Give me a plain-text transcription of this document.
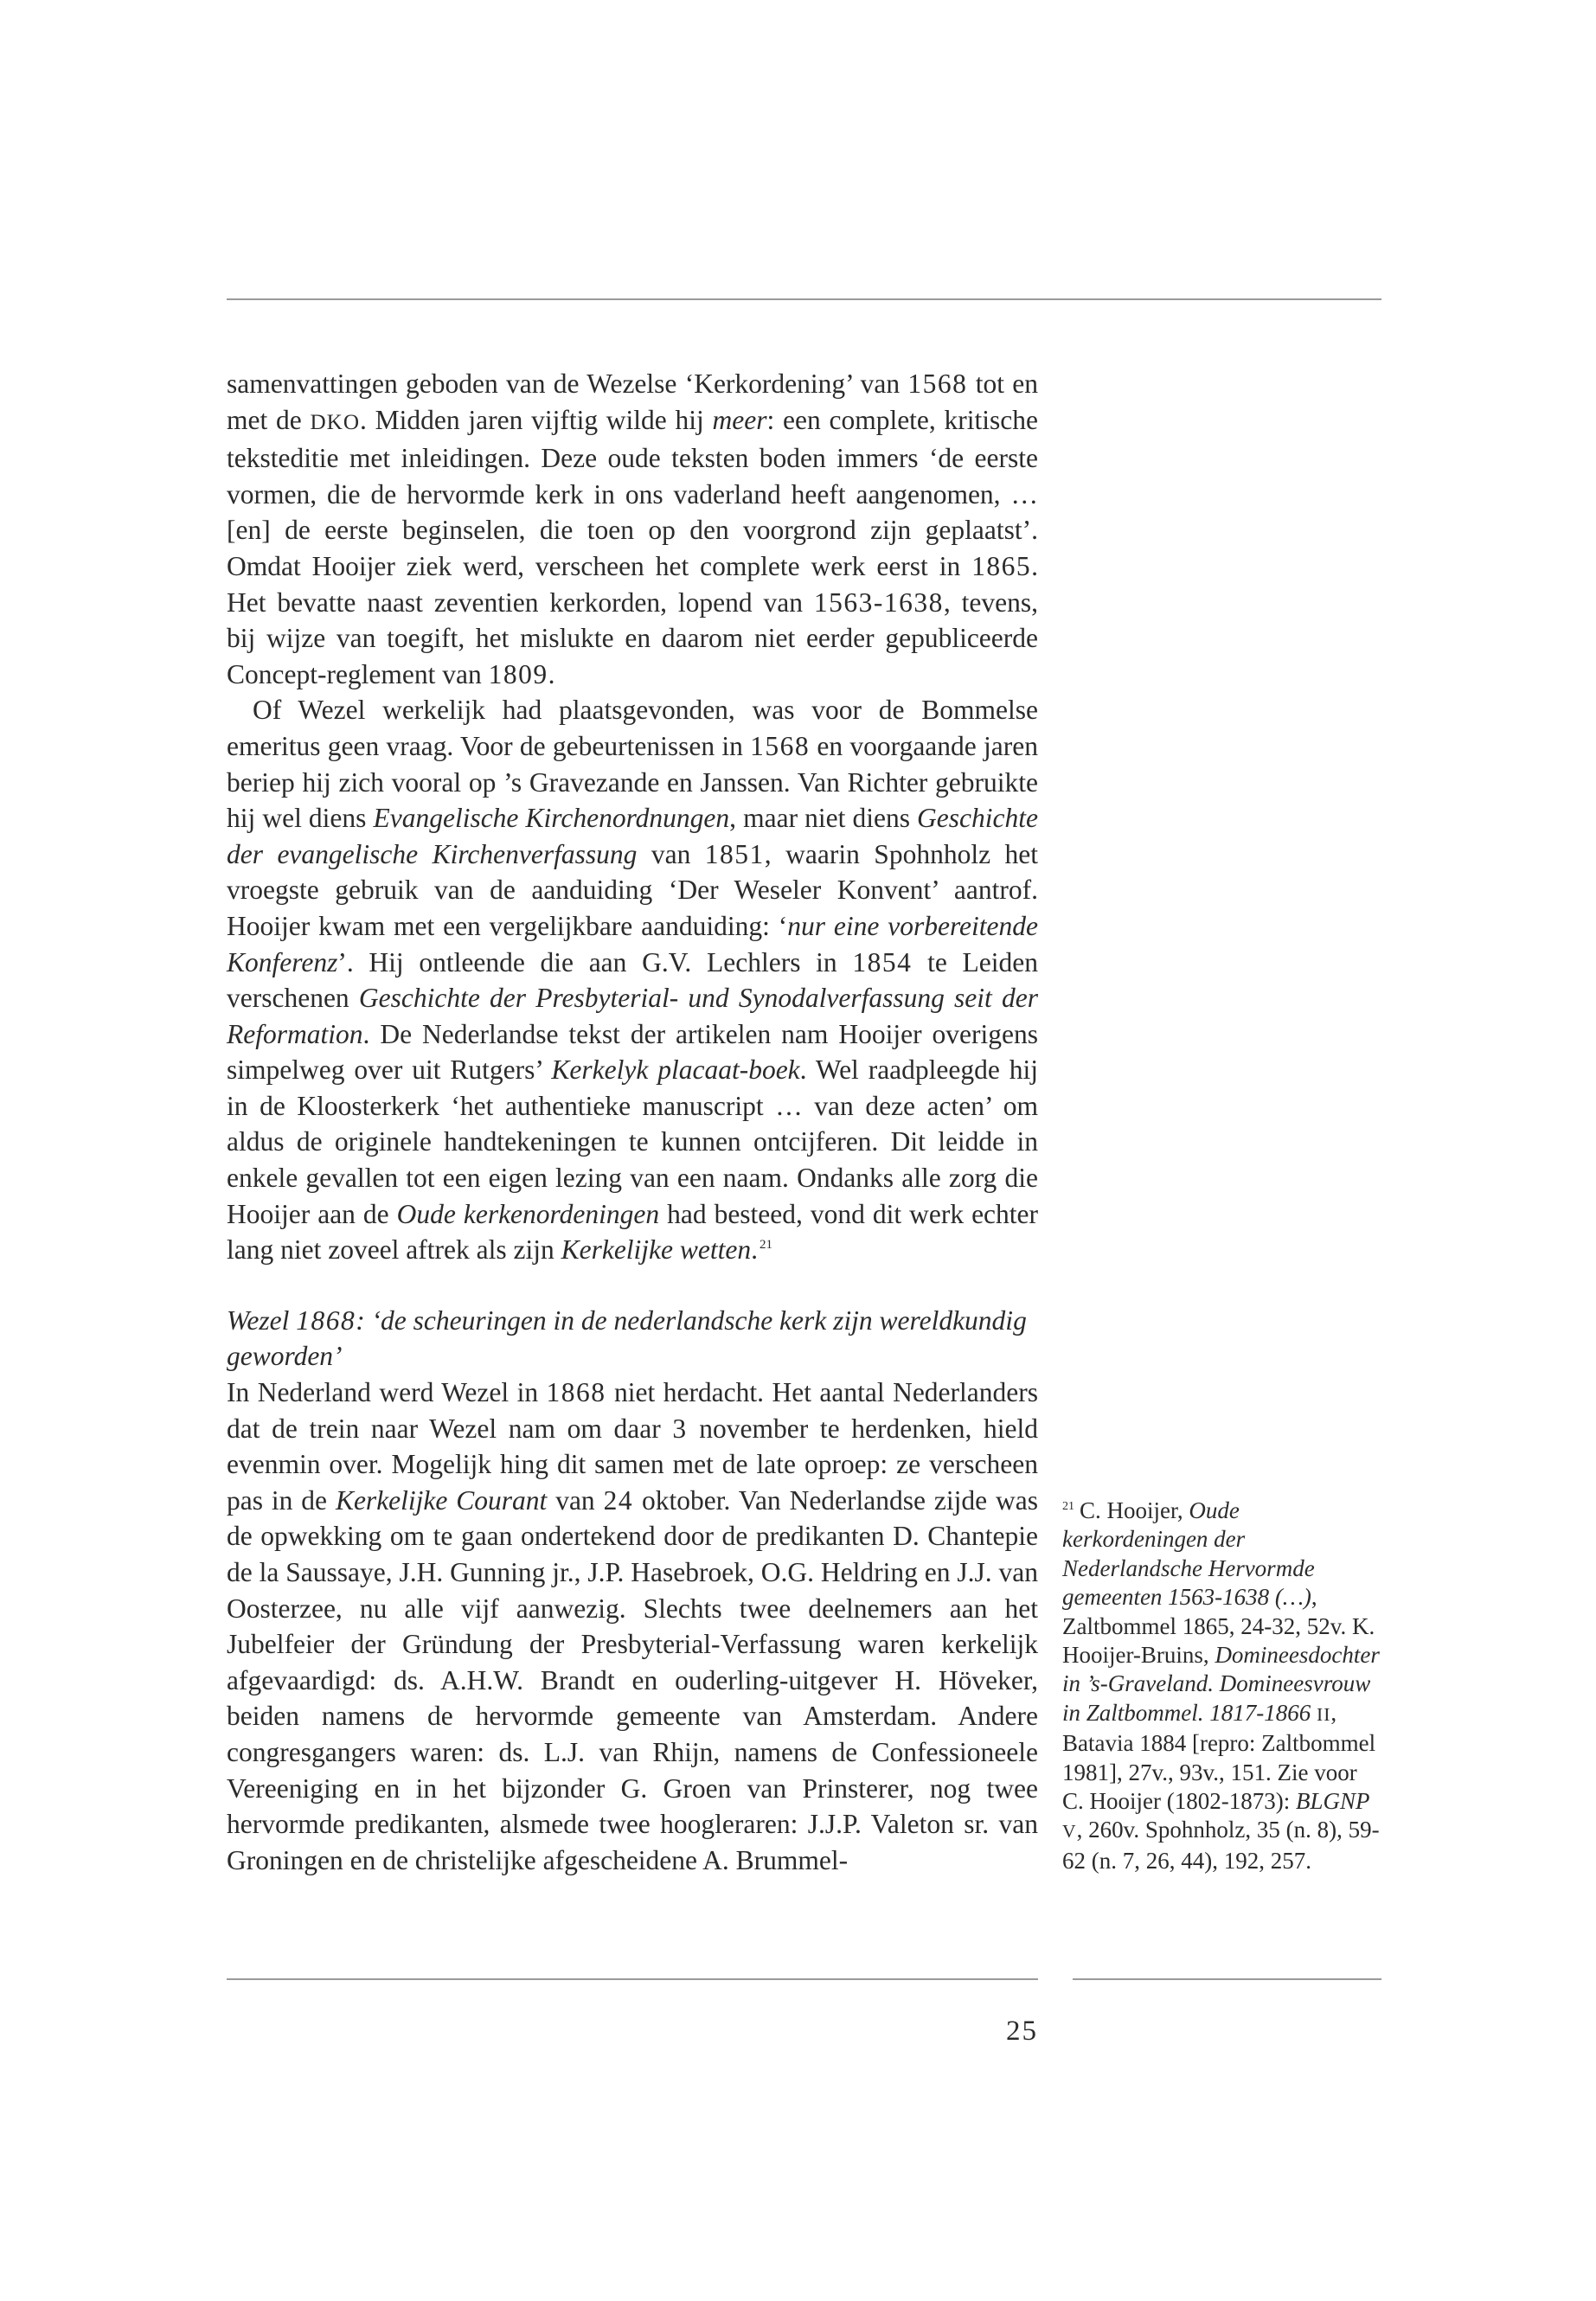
samenvattingen geboden van de Wezelse ‘Kerkordening’ van 1568 tot en met de DKO. Midden jaren vijftig wilde hij meer: een complete, kritische teksteditie met inleidingen. Deze oude teksten boden immers ‘de eerste vormen, die de hervormde kerk in ons vaderland heeft aangenomen, … [en] de eerste beginselen, die toen op den voorgrond zijn geplaatst’. Omdat Hooijer ziek werd, verscheen het complete werk eerst in 1865. Het bevatte naast zeventien kerkorden, lopend van 1563-1638, tevens, bij wijze van toegift, het mislukte en daarom niet eerder gepubliceerde Concept-reglement van 1809.

Of Wezel werkelijk had plaatsgevonden, was voor de Bommelse emeritus geen vraag. Voor de gebeurtenissen in 1568 en voorgaande jaren beriep hij zich vooral op ’s Gravezande en Janssen. Van Richter gebruikte hij wel diens Evangelische Kirchenordnungen, maar niet diens Geschichte der evangelische Kirchenverfassung van 1851, waarin Spohnholz het vroegste gebruik van de aanduiding ‘Der Weseler Konvent’ aantrof. Hooijer kwam met een vergelijkbare aanduiding: ‘nur eine vorbereitende Konferenz’. Hij ontleende die aan G.V. Lechlers in 1854 te Leiden verschenen Geschichte der Presbyterial- und Synodalverfassung seit der Reformation. De Nederlandse tekst der artikelen nam Hooijer overigens simpelweg over uit Rutgers’ Kerkelyk placaat-boek. Wel raadpleegde hij in de Kloosterkerk ‘het authentieke manuscript … van deze acten’ om aldus de originele handtekeningen te kunnen ontcijferen. Dit leidde in enkele gevallen tot een eigen lezing van een naam. Ondanks alle zorg die Hooijer aan de Oude kerkenordeningen had besteed, vond dit werk echter lang niet zoveel aftrek als zijn Kerkelijke wetten. $^{21}$

Wezel 1868: ‘de scheuringen in de nederlandsche kerk zijn wereldkundig geworden’

In Nederland werd Wezel in 1868 niet herdacht. Het aantal Nederlanders dat de trein naar Wezel nam om daar 3 november te herdenken, hield evenmin over. Mogelijk hing dit samen met de late oproep: ze verscheen pas in de Kerkelijke Courant van 24 oktober. Van Nederlandse zijde was de opwekking om te gaan ondertekend door de predikanten D. Chantepie de la Saussaye, J.H. Gunning jr., J.P. Hasebroek, O.G. Heldring en J.J. van Oosterzee, nu alle vijf aanwezig. Slechts twee deelnemers aan het Jubelfeier der Gründung der Presbyterial-Verfassung waren kerkelijk afgevaardigd: ds. A.H.W. Brandt en ouderling-uitgever H. Höveker, beiden namens de hervormde gemeente van Amsterdam. Andere congresgangers waren: ds. L.J. van Rhijn, namens de Confessioneele Vereeniging en in het bijzonder G. Groen van Prinsterer, nog twee hervormde predikanten, alsmede twee hoogleraren: J.J.P. Valeton sr. van Groningen en de christelijke afgescheidene A. Brummel-

$^{21}$ C. Hooijer, Oude kerkordeningen der Nederlandsche Hervormde gemeenten 1563-1638 (…), Zaltbommel 1865, 24-32, 52v. K. Hooijer-Bruins, Domineesdochter in ’s-Graveland. Domineesvrouw in Zaltbommel. 1817-1866 II, Batavia 1884 [repro: Zaltbommel 1981], 27v., 93v., 151. Zie voor C. Hooijer (1802-1873): BLGNP V, 260v. Spohnholz, 35 (n. 8), 59-62 (n. 7, 26, 44), 192, 257.
25
